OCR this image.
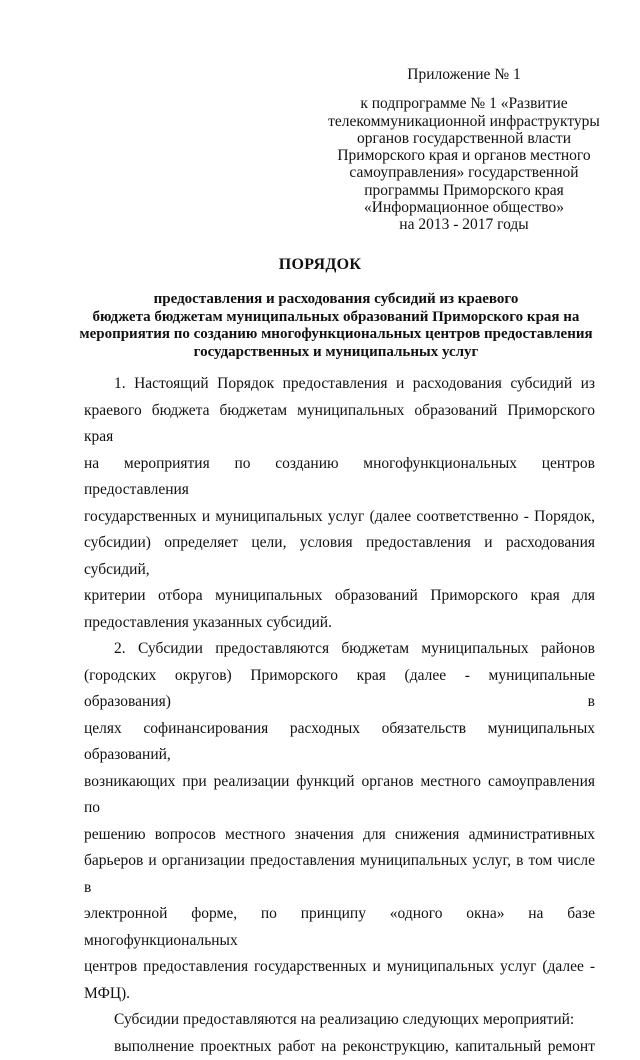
Приложение № 1
к подпрограмме № 1 «Развитие
телекоммуникационной инфраструктуры
органов государственной власти
Приморского края и органов местного
самоуправления» государственной
программы Приморского края
«Информационное общество»
на 2013 - 2017 годы
ПОРЯДОК
предоставления и расходования субсидий из краевого
бюджета бюджетам муниципальных образований Приморского края на
мероприятия по созданию многофункциональных центров предоставления
государственных и муниципальных услуг
1. Настоящий Порядок предоставления и расходования субсидий из
краевого бюджета бюджетам муниципальных образований Приморского края
на мероприятия по созданию многофункциональных центров предоставления
государственных и муниципальных услуг (далее соответственно - Порядок,
субсидии) определяет цели, условия предоставления и расходования субсидий,
критерии отбора муниципальных образований Приморского края для
предоставления указанных субсидий.
2. Субсидии предоставляются бюджетам муниципальных районов
(городских округов) Приморского края (далее - муниципальные образования) в
целях софинансирования расходных обязательств муниципальных образований,
возникающих при реализации функций органов местного самоуправления по
решению вопросов местного значения для снижения административных
барьеров и организации предоставления муниципальных услуг, в том числе в
электронной форме, по принципу «одного окна» на базе многофункциональных
центров предоставления государственных и муниципальных услуг (далее -
МФЦ).
Субсидии предоставляются на реализацию следующих мероприятий:
выполнение проектных работ на реконструкцию, капитальный ремонт
